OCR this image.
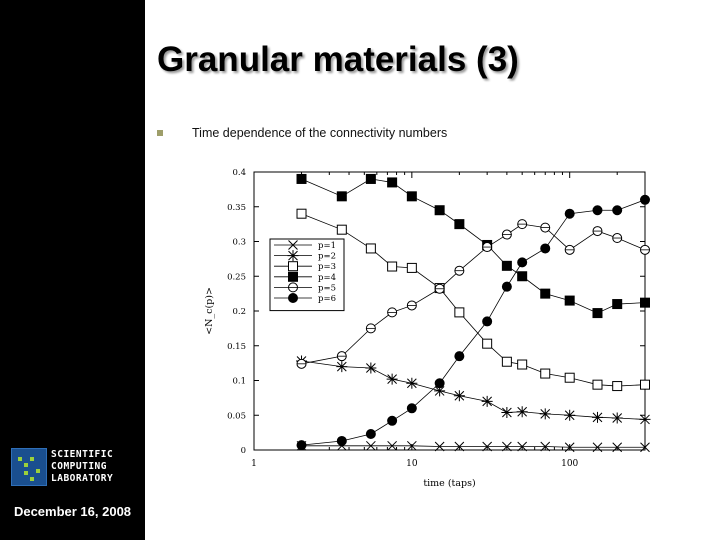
SCIENTIFIC
COMPUTING
LABORATORY
December 16, 2008
Granular materials (3)
Time dependence of the connectivity numbers
0
0.05
0.1
0.15
0.2
0.25
0.3
0.35
0.4
1	10	100
time (taps)
<N_c(p)>
p=1
p=2
p=3
p=4
p=5
p=6
